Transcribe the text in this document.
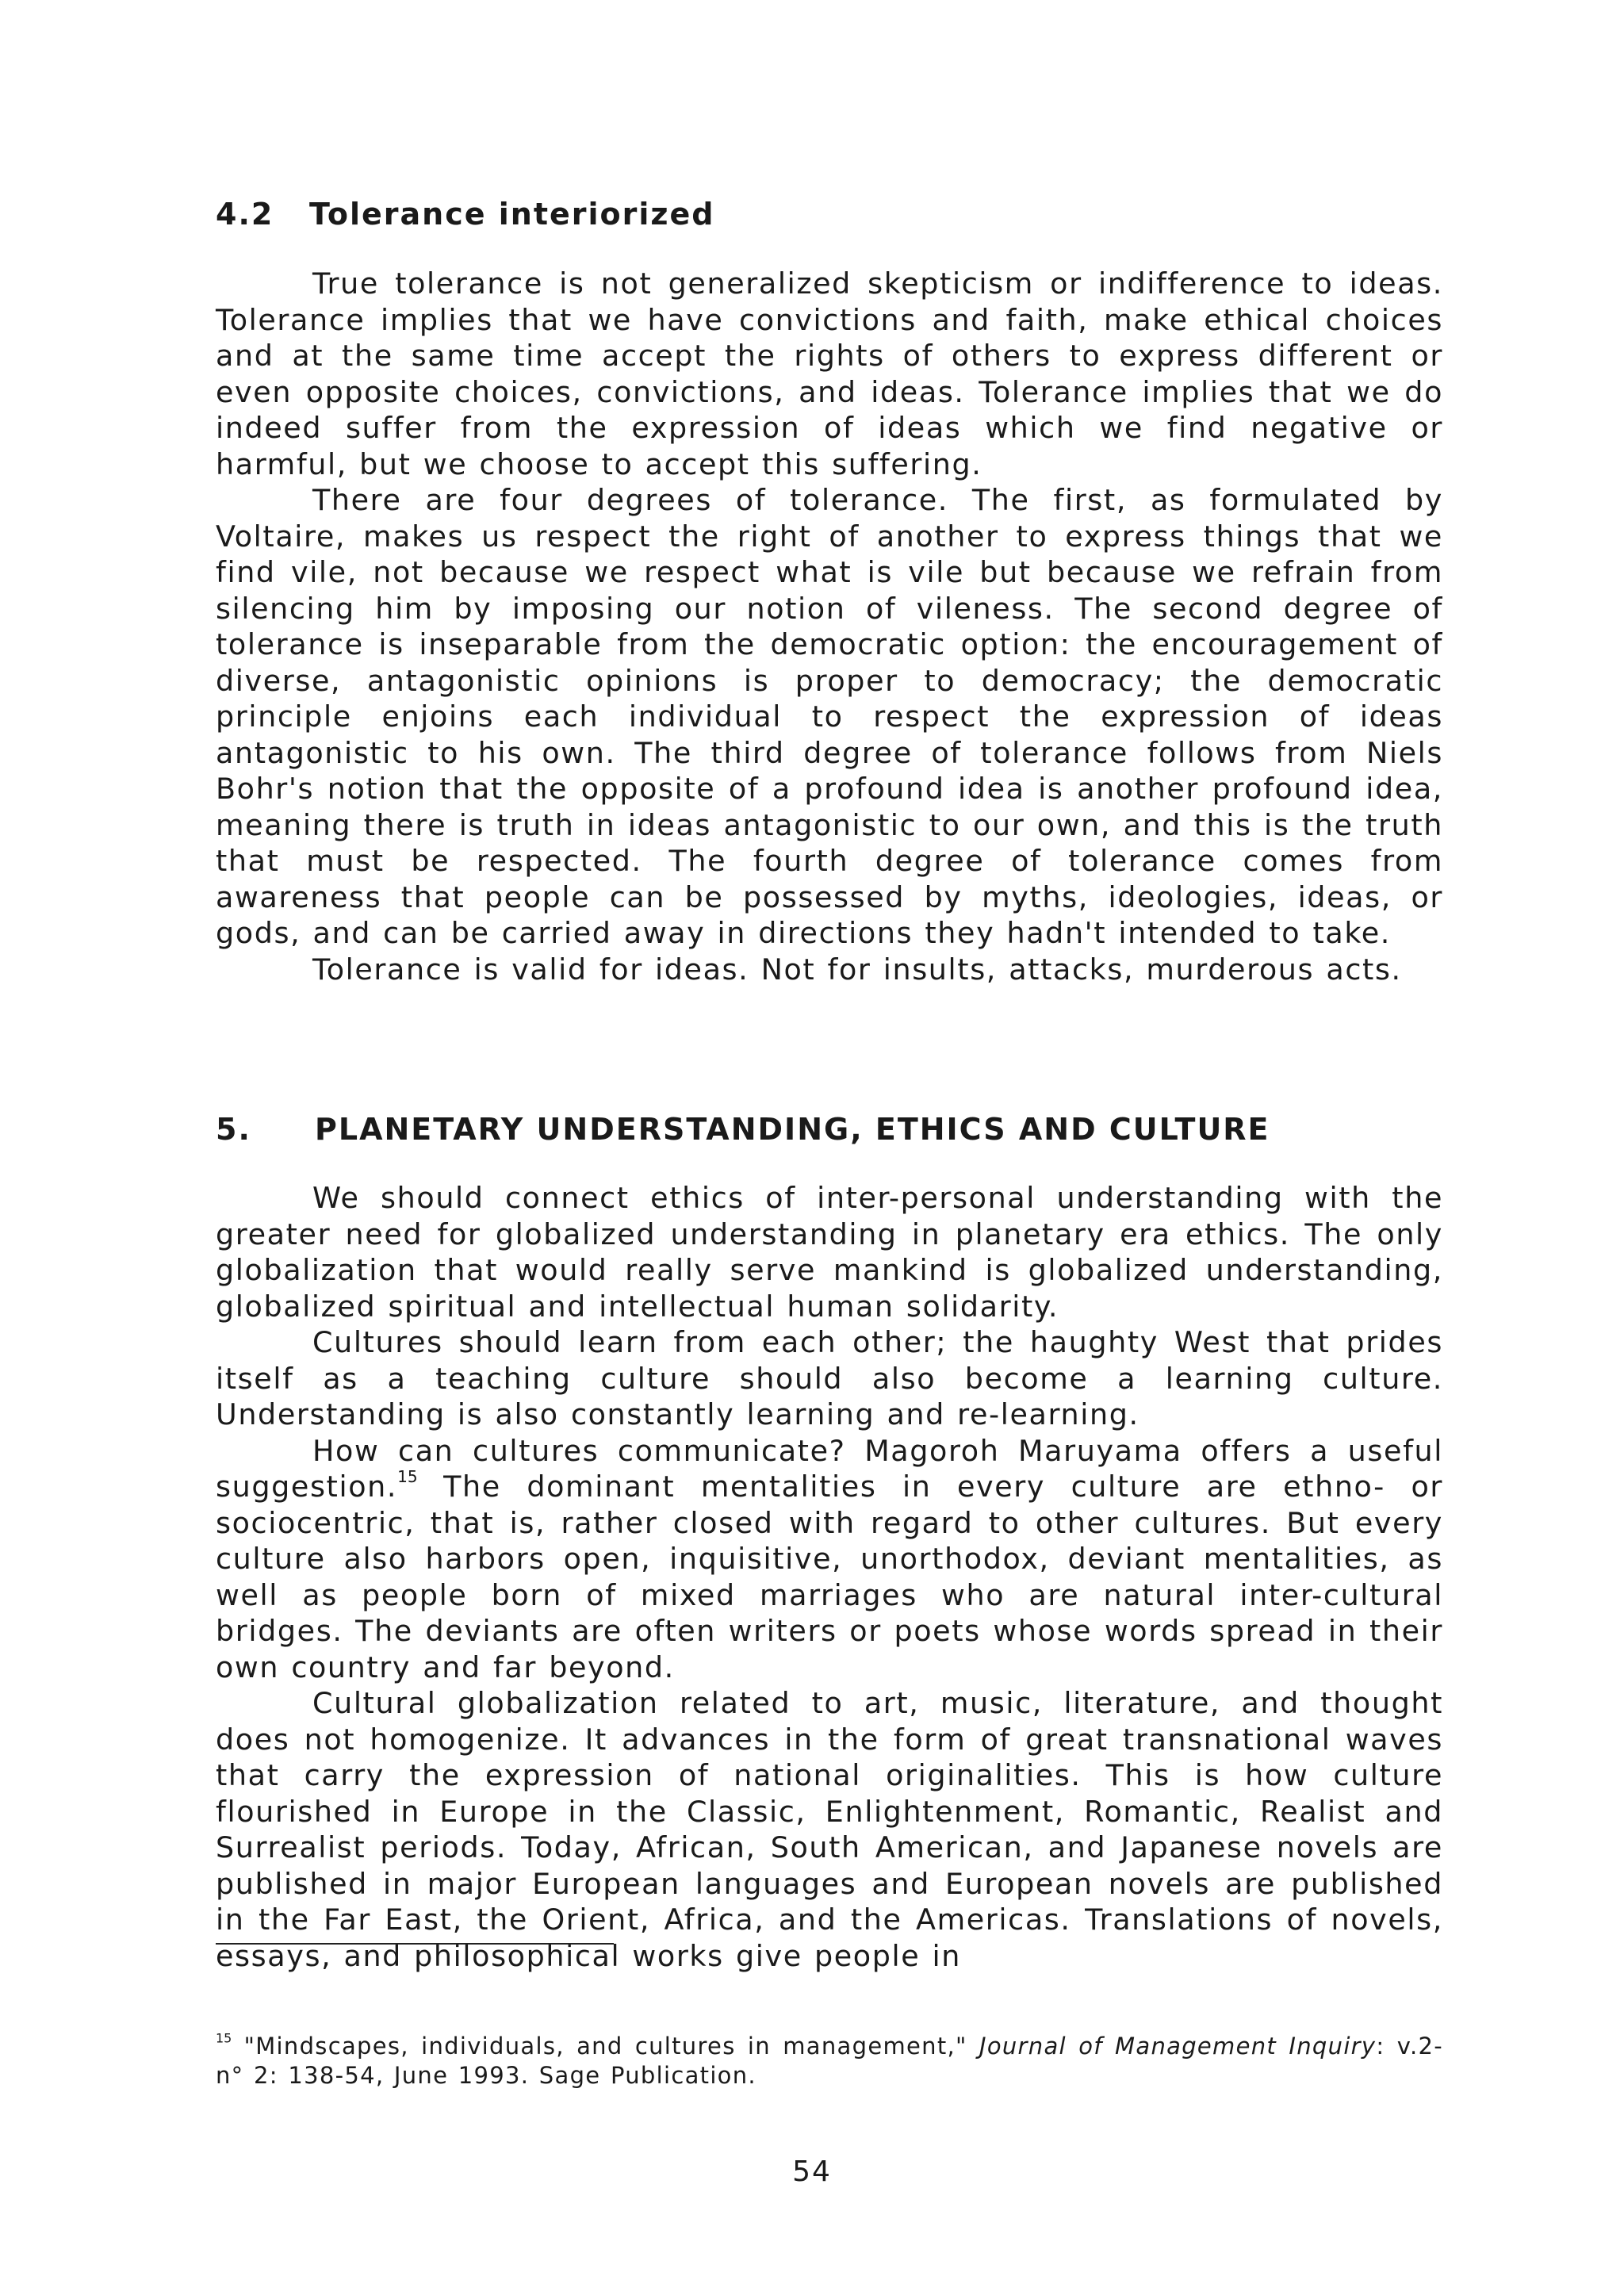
4.2 Tolerance interiorized

True tolerance is not generalized skepticism or indifference to ideas. Tolerance implies that we have convictions and faith, make ethical choices and at the same time accept the rights of others to express different or even opposite choices, convictions, and ideas. Tolerance implies that we do indeed suffer from the expression of ideas which we find negative or harmful, but we choose to accept this suffering.

There are four degrees of tolerance. The first, as formulated by Voltaire, makes us respect the right of another to express things that we find vile, not because we respect what is vile but because we refrain from silencing him by imposing our notion of vileness. The second degree of tolerance is inseparable from the democratic option: the encouragement of diverse, antagonistic opinions is proper to democracy; the democratic principle enjoins each individual to respect the expression of ideas antagonistic to his own. The third degree of tolerance follows from Niels Bohr's notion that the opposite of a profound idea is another profound idea, meaning there is truth in ideas antagonistic to our own, and this is the truth that must be respected. The fourth degree of tolerance comes from awareness that people can be possessed by myths, ideologies, ideas, or gods, and can be carried away in directions they hadn't intended to take.

Tolerance is valid for ideas. Not for insults, attacks, murderous acts.

5. PLANETARY UNDERSTANDING, ETHICS AND CULTURE

We should connect ethics of inter-personal understanding with the greater need for globalized understanding in planetary era ethics. The only globalization that would really serve mankind is globalized understanding, globalized spiritual and intellectual human solidarity.

Cultures should learn from each other; the haughty West that prides itself as a teaching culture should also become a learning culture. Understanding is also constantly learning and re-learning.

How can cultures communicate? Magoroh Maruyama offers a useful suggestion.$^{15}$ The dominant mentalities in every culture are ethno- or sociocentric, that is, rather closed with regard to other cultures. But every culture also harbors open, inquisitive, unorthodox, deviant mentalities, as well as people born of mixed marriages who are natural inter-cultural bridges. The deviants are often writers or poets whose words spread in their own country and far beyond.

Cultural globalization related to art, music, literature, and thought does not homogenize. It advances in the form of great transnational waves that carry the expression of national originalities. This is how culture flourished in Europe in the Classic, Enlightenment, Romantic, Realist and Surrealist periods. Today, African, South American, and Japanese novels are published in major European languages and European novels are published in the Far East, the Orient, Africa, and the Americas. Translations of novels, essays, and philosophical works give people in

$^{15}$ "Mindscapes, individuals, and cultures in management," Journal of Management Inquiry: v.2-n° 2: 138-54, June 1993. Sage Publication.

54
